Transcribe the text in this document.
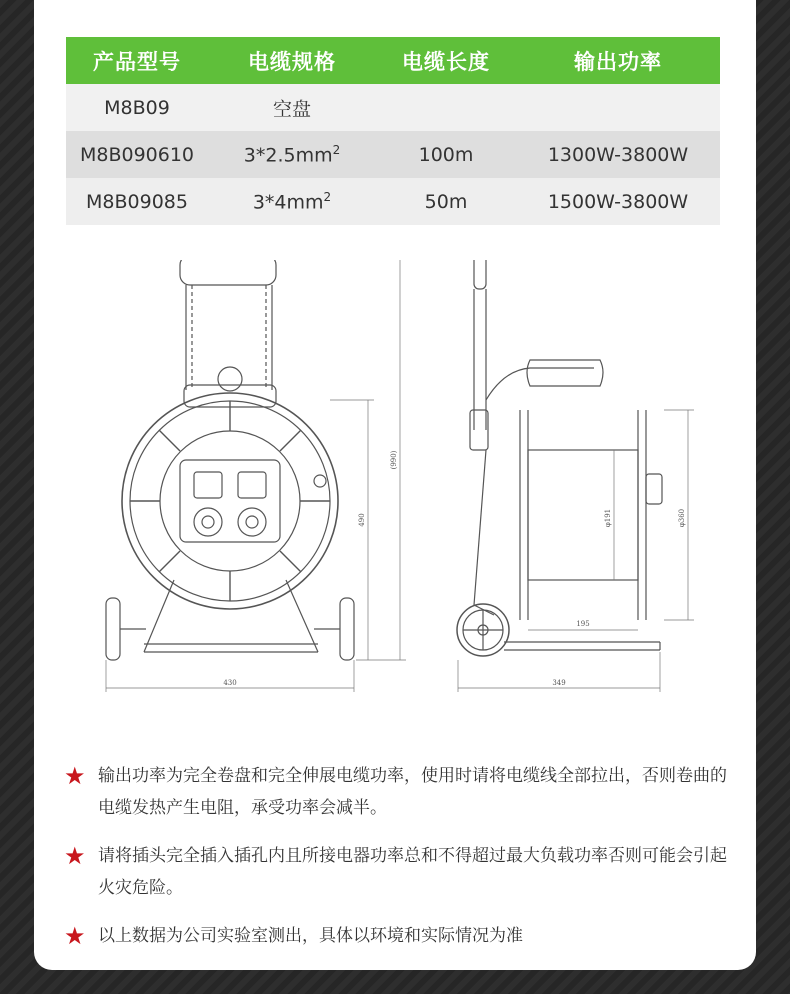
产品型号	电缆规格	电缆长度	输出功率
M8B09	空盘		
M8B090610	$3*2.5mm^2$	100m	1300W-3800W
M8B09085	$3*4mm^2$	50m	1500W-3800W
430	349
195
(990)
490	φ191	φ360
★ 输出功率为完全卷盘和完全伸展电缆功率，使用时请将电缆线全部拉出，否则卷曲的电缆发热产生电阻，承受功率会减半。
★ 请将插头完全插入插孔内且所接电器功率总和不得超过最大负载功率否则可能会引起火灾危险。
★ 以上数据为公司实验室测出，具体以环境和实际情况为准
